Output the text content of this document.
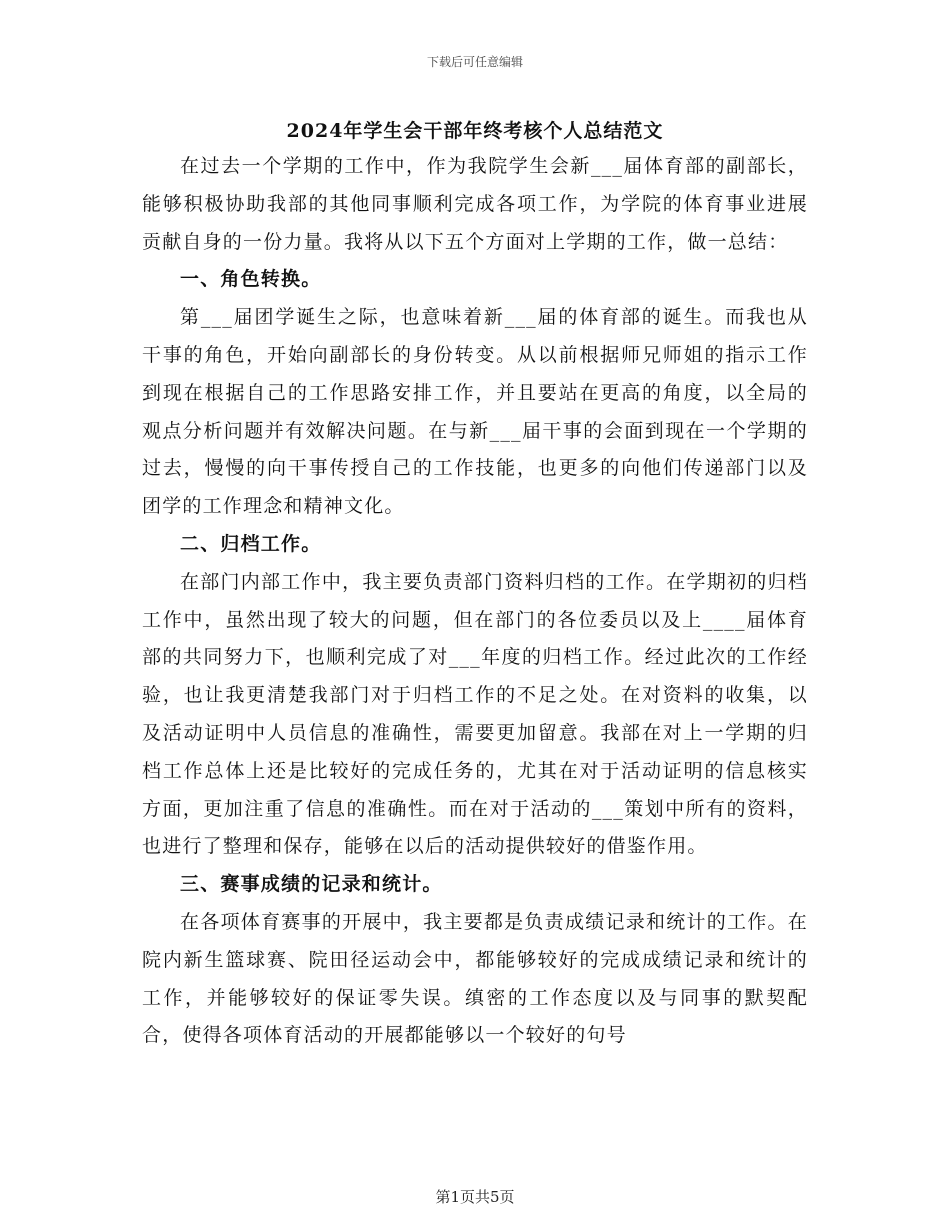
下载后可任意编辑
2024年学生会干部年终考核个人总结范文

在过去一个学期的工作中，作为我院学生会新___届体育部的副部长，能够积极协助我部的其他同事顺利完成各项工作，为学院的体育事业进展贡献自身的一份力量。我将从以下五个方面对上学期的工作，做一总结：

一、角色转换。

第___届团学诞生之际，也意味着新___届的体育部的诞生。而我也从干事的角色，开始向副部长的身份转变。从以前根据师兄师姐的指示工作到现在根据自己的工作思路安排工作，并且要站在更高的角度，以全局的观点分析问题并有效解决问题。在与新___届干事的会面到现在一个学期的过去，慢慢的向干事传授自己的工作技能，也更多的向他们传递部门以及团学的工作理念和精神文化。

二、归档工作。

在部门内部工作中，我主要负责部门资料归档的工作。在学期初的归档工作中，虽然出现了较大的问题，但在部门的各位委员以及上____届体育部的共同努力下，也顺利完成了对___年度的归档工作。经过此次的工作经验，也让我更清楚我部门对于归档工作的不足之处。在对资料的收集，以及活动证明中人员信息的准确性，需要更加留意。我部在对上一学期的归档工作总体上还是比较好的完成任务的，尤其在对于活动证明的信息核实方面，更加注重了信息的准确性。而在对于活动的___策划中所有的资料，也进行了整理和保存，能够在以后的活动提供较好的借鉴作用。

三、赛事成绩的记录和统计。

在各项体育赛事的开展中，我主要都是负责成绩记录和统计的工作。在院内新生篮球赛、院田径运动会中，都能够较好的完成成绩记录和统计的工作，并能够较好的保证零失误。缜密的工作态度以及与同事的默契配合，使得各项体育活动的开展都能够以一个较好的句号

第1页共5页
